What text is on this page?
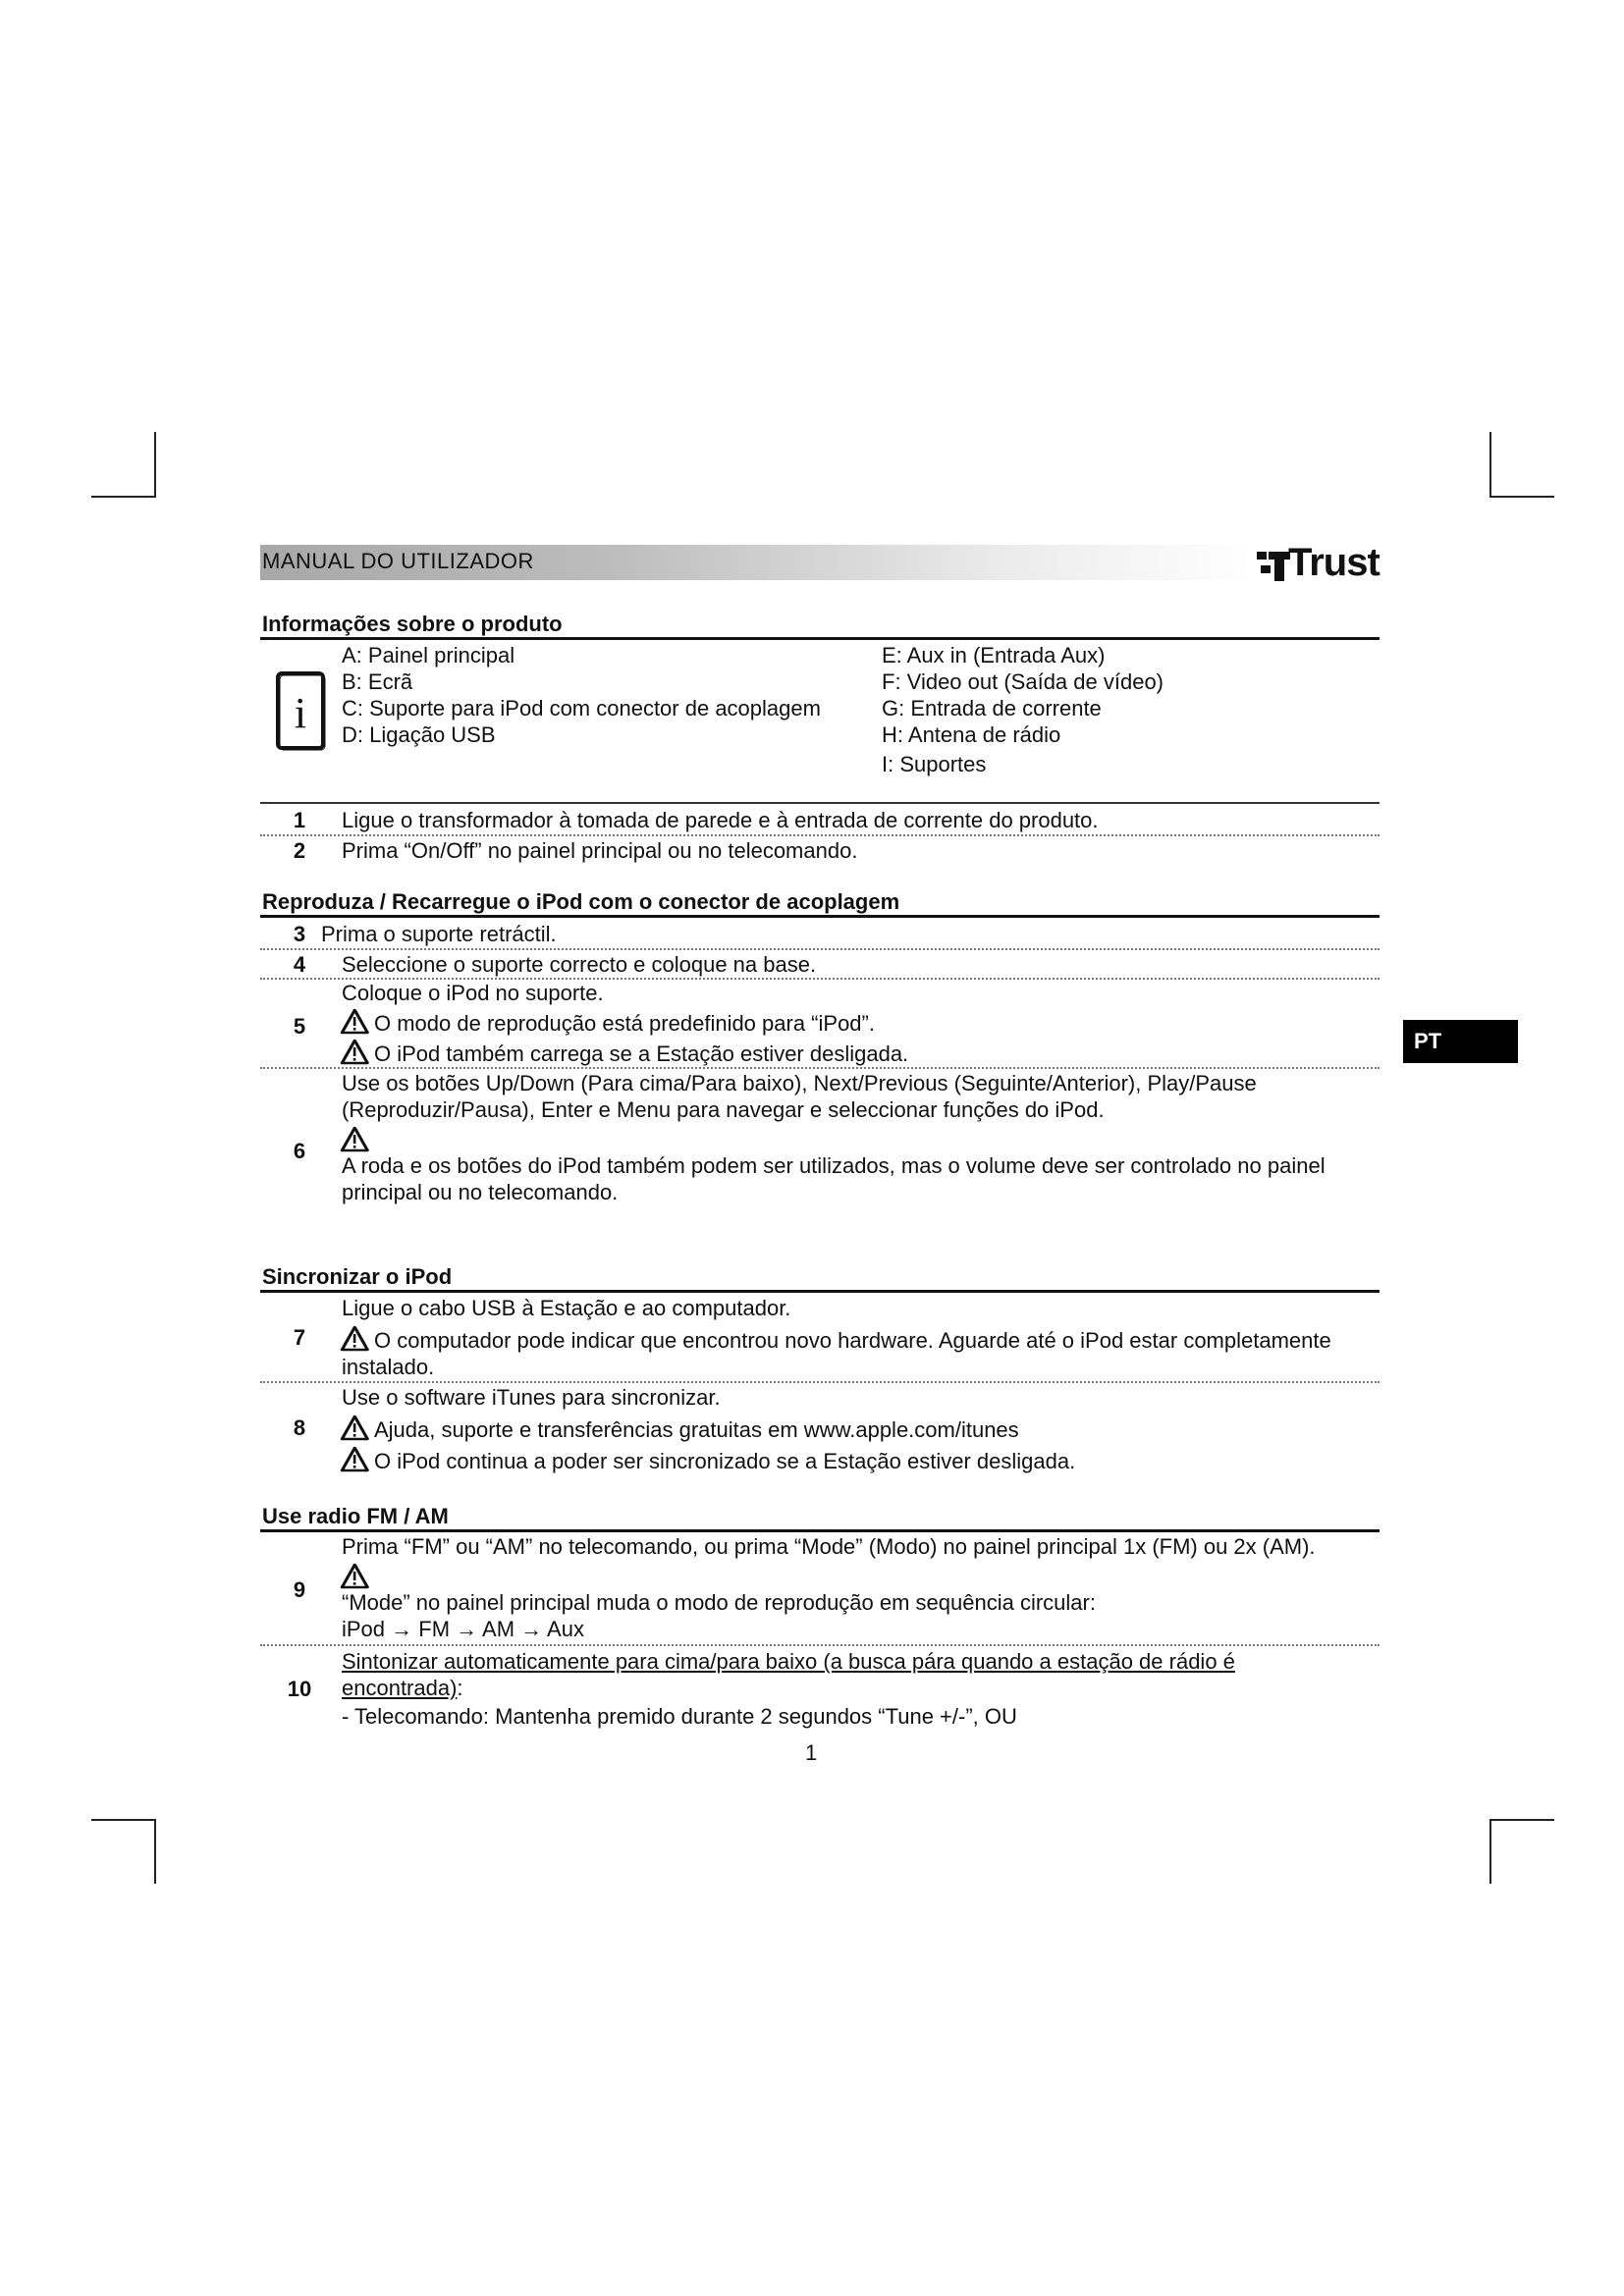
MANUAL DO UTILIZADOR	Trust
PT
Informações sobre o produto
i
A: Painel principal
B: Ecrã
C: Suporte para iPod com conector de acoplagem
D: Ligação USB
E: Aux in (Entrada Aux)
F: Video out (Saída de vídeo)
G: Entrada de corrente
H: Antena de rádio
I: Suportes
1	Ligue o transformador à tomada de parede e à entrada de corrente do produto.
2	Prima “On/Off” no painel principal ou no telecomando.
Reproduza / Recarregue o iPod com o conector de acoplagem
3 Prima o suporte retráctil.
4	Seleccione o suporte correcto e coloque na base.
5
Coloque o iPod no suporte.
O modo de reprodução está predefinido para “iPod”.
O iPod também carrega se a Estação estiver desligada.
6
Use os botões Up/Down (Para cima/Para baixo), Next/Previous (Seguinte/Anterior), Play/Pause
(Reproduzir/Pausa), Enter e Menu para navegar e seleccionar funções do iPod.
A roda e os botões do iPod também podem ser utilizados, mas o volume deve ser controlado no painel
principal ou no telecomando.
Sincronizar o iPod
7
Ligue o cabo USB à Estação e ao computador.
O computador pode indicar que encontrou novo hardware. Aguarde até o iPod estar completamente
instalado.
8
Use o software iTunes para sincronizar.
Ajuda, suporte e transferências gratuitas em www.apple.com/itunes
O iPod continua a poder ser sincronizado se a Estação estiver desligada.
Use radio FM / AM
9
Prima “FM” ou “AM” no telecomando, ou prima “Mode” (Modo) no painel principal 1x (FM) ou 2x (AM).
“Mode” no painel principal muda o modo de reprodução em sequência circular:
iPod → FM → AM → Aux
10
Sintonizar automaticamente para cima/para baixo (a busca pára quando a estação de rádio é
encontrada):
- Telecomando: Mantenha premido durante 2 segundos “Tune +/-”, OU
1
